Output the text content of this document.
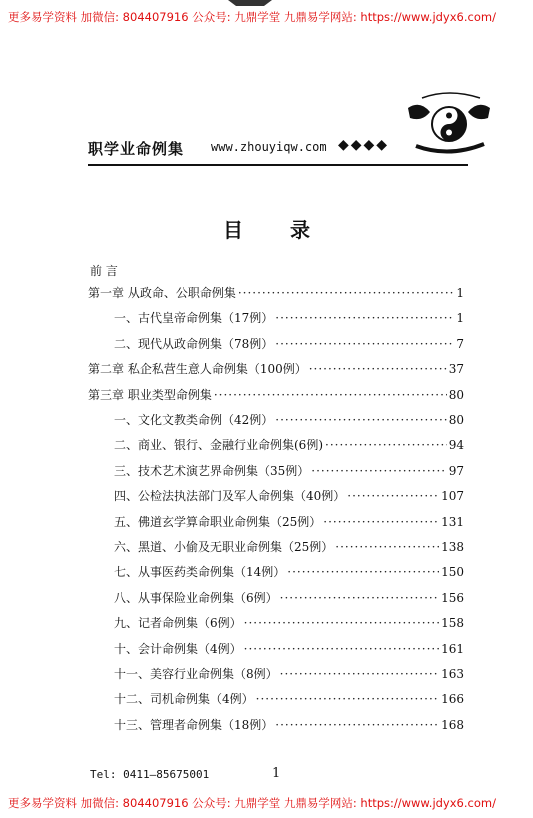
更多易学资料 加微信: 804407916 公众号: 九鼎学堂 九鼎易学网站: https://www.jdyx6.com/
职学业命例集 www.zhouyiqw.com ◆◆◆◆
目 录
前 言
第一章 从政命、公职命例集 ·····	1
一、古代皇帝命例集（17例） ·····	1
二、现代从政命例集（78例） ·····	7
第二章 私企私营生意人命例集（100例） ·····	37
第三章 职业类型命例集 ·····	80
一、文化文教类命例（42例） ·····	80
二、商业、银行、金融行业命例集(6例) ·····	94
三、技术艺术演艺界命例集（35例） ·····	97
四、公检法执法部门及军人命例集（40例） ·····	107
五、佛道玄学算命职业命例集（25例） ·····	131
六、黑道、小偷及无职业命例集（25例） ·····	138
七、从事医药类命例集（14例） ·····	150
八、从事保险业命例集（6例） ·····	156
九、记者命例集（6例） ·····	158
十、会计命例集（4例） ·····	161
十一、美容行业命例集（8例） ·····	163
十二、司机命例集（4例） ·····	166
十三、管理者命例集（18例） ·····	168
Tel: 0411—85675001	1
更多易学资料 加微信: 804407916 公众号: 九鼎学堂 九鼎易学网站: https://www.jdyx6.com/
